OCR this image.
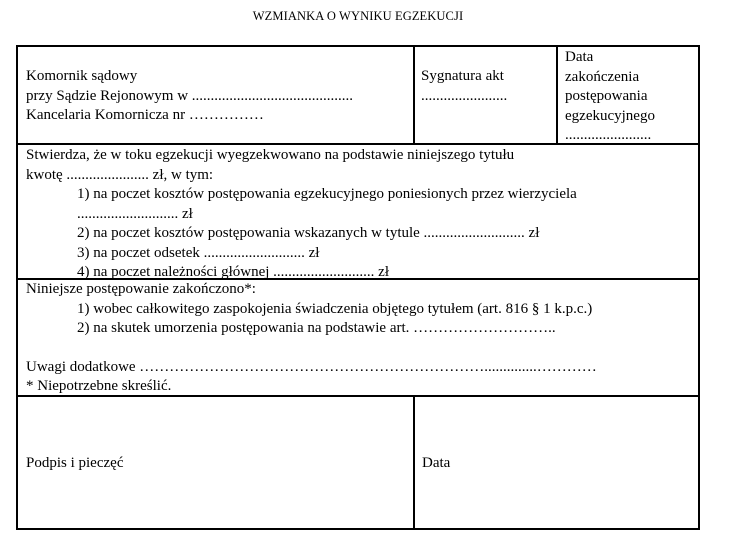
WZMIANKA O WYNIKU EGZEKUCJI
Komornik sądowy
przy Sądzie Rejonowym w ...........................................
Kancelaria Komornicza nr ……………
Sygnatura akt
.......................
Data
zakończenia
postępowania
egzekucyjnego
.......................
Stwierdza, że w toku egzekucji wyegzekwowano na podstawie niniejszego tytułu
kwotę ...................... zł, w tym:
1) na poczet kosztów postępowania egzekucyjnego poniesionych przez wierzyciela
........................... zł
2) na poczet kosztów postępowania wskazanych w tytule ........................... zł
3) na poczet odsetek ........................... zł
4) na poczet należności głównej ........................... zł
Niniejsze postępowanie zakończono*:
1) wobec całkowitego zaspokojenia świadczenia objętego tytułem (art. 816 § 1 k.p.c.)
2) na skutek umorzenia postępowania na podstawie art. ………………………..
Uwagi dodatkowe ……………………………………………………………..............…………
* Niepotrzebne skreślić.
Podpis i pieczęć	Data
